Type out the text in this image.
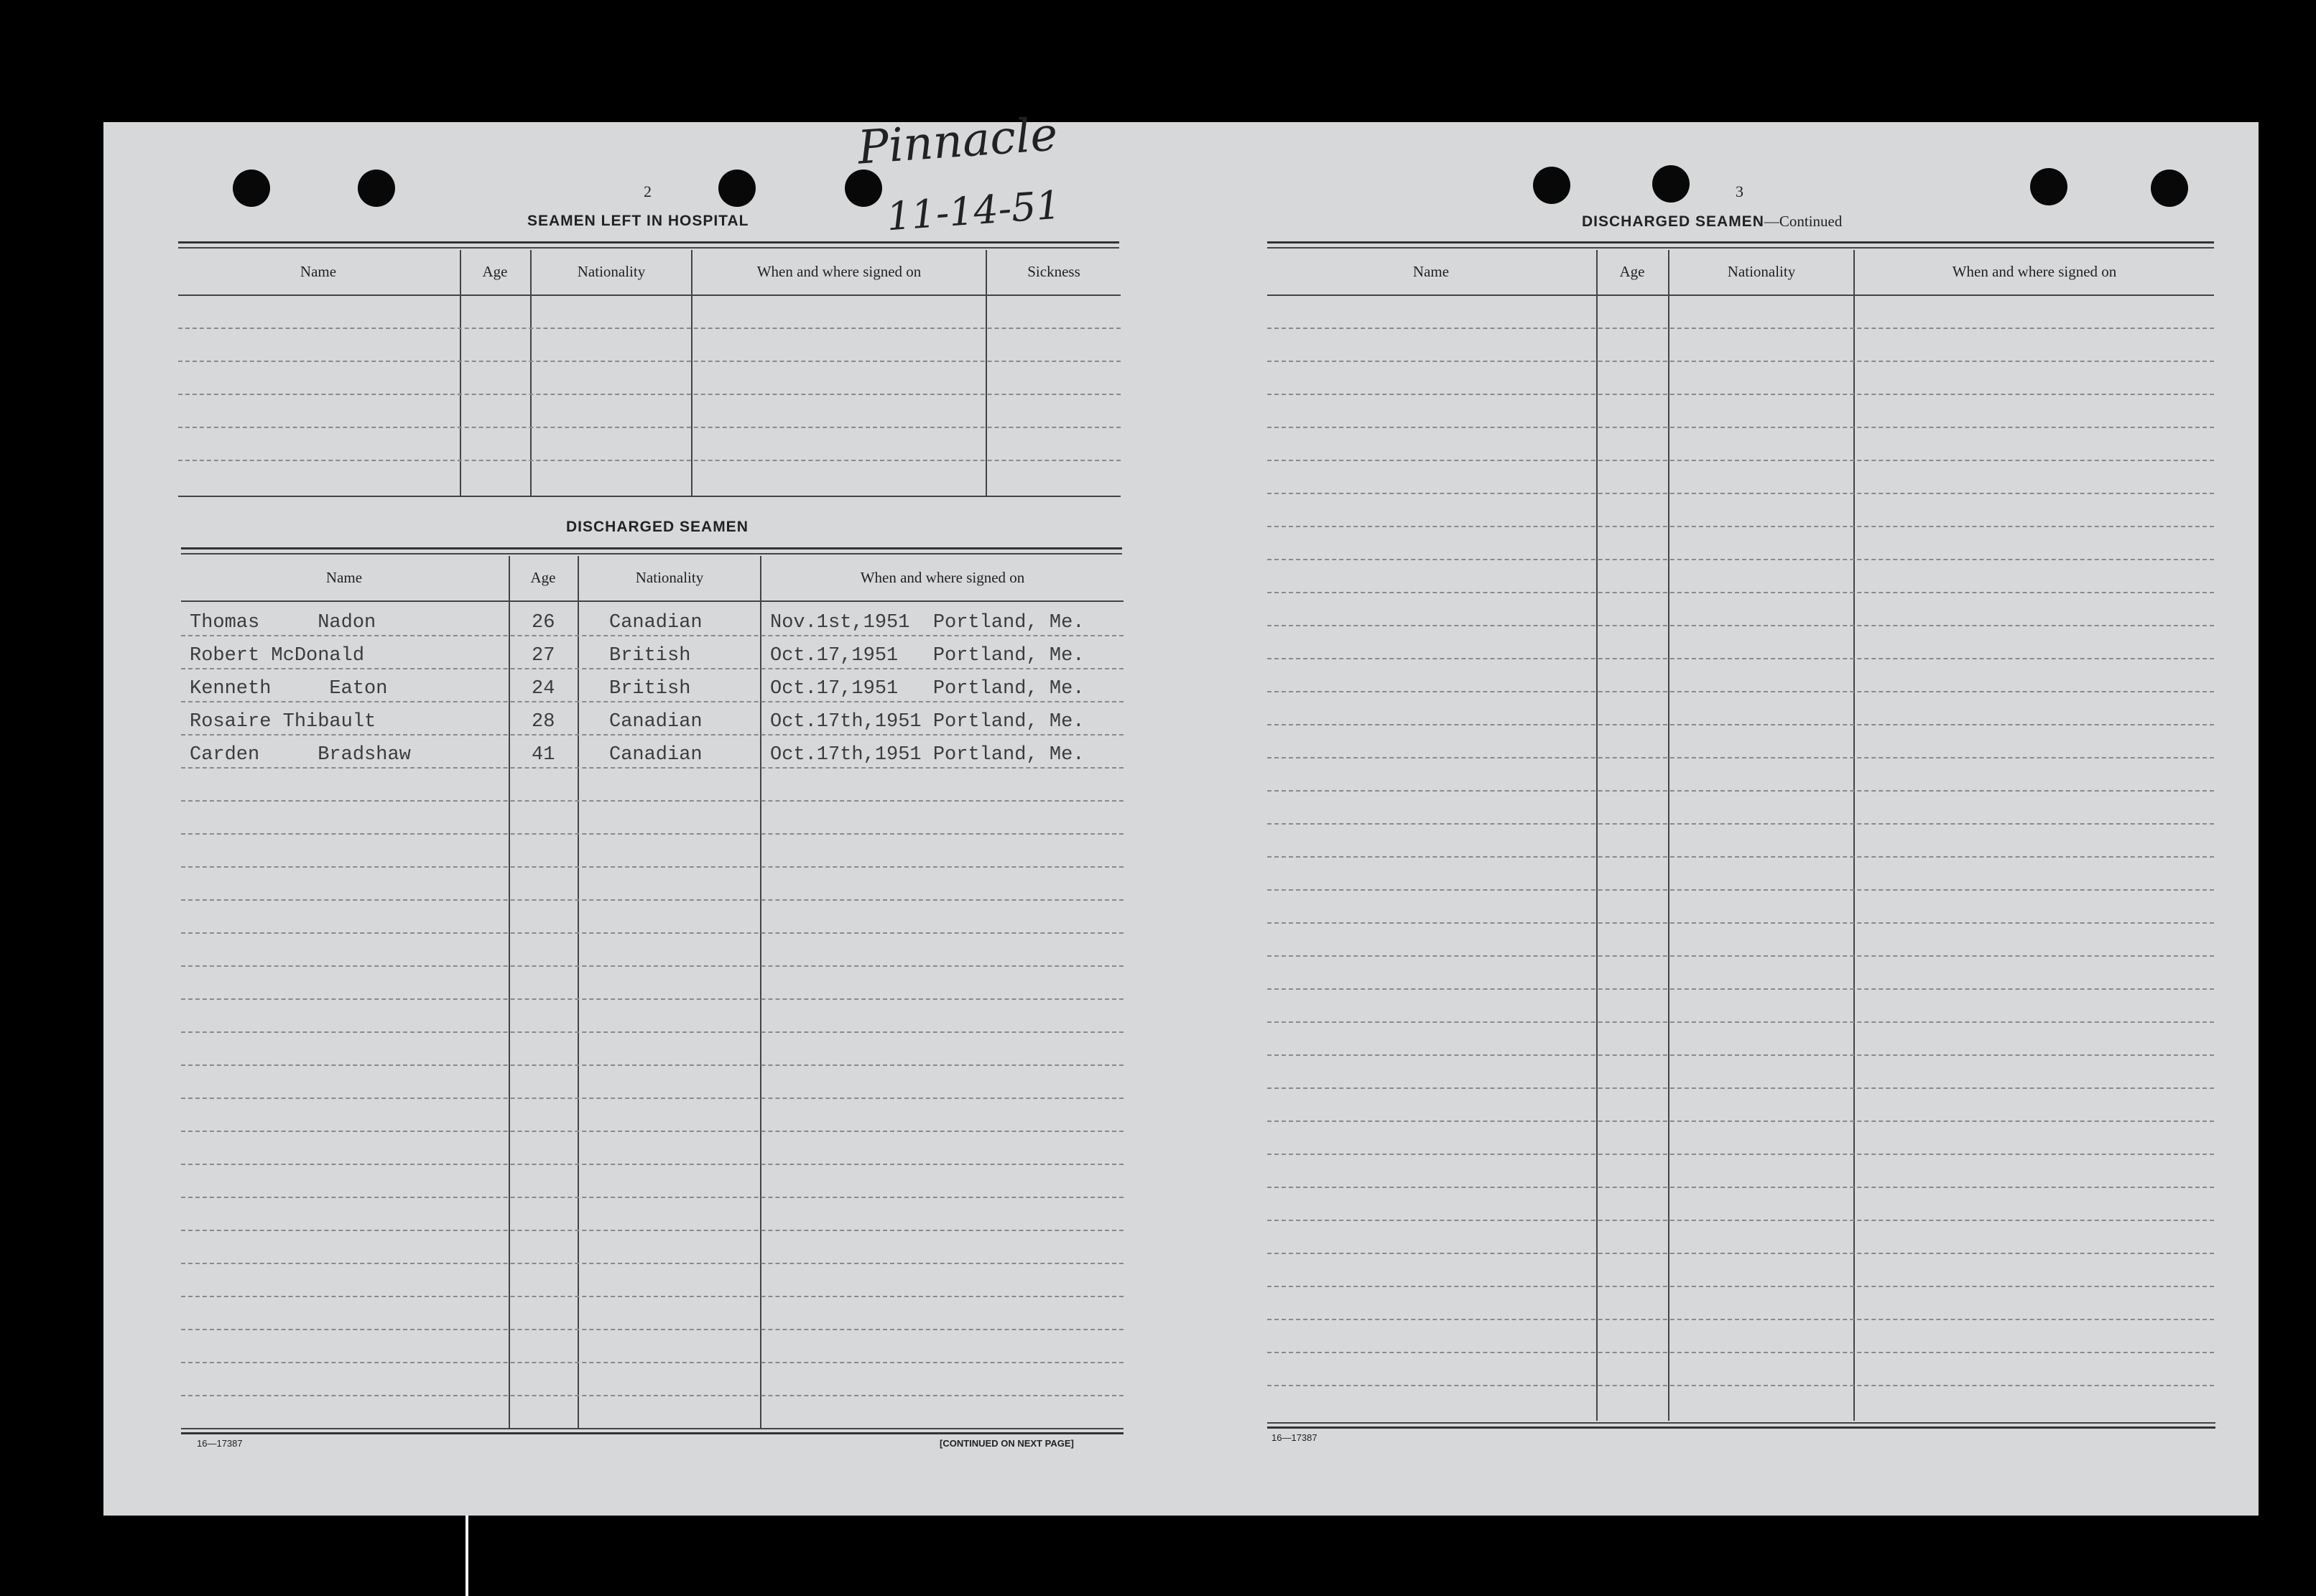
Pinnacle
11-14-51
2
SEAMEN LEFT IN HOSPITAL
Name	Age	Nationality	When and where signed on	Sickness
DISCHARGED SEAMEN
Name	Age	Nationality	When and where signed on
Thomas     Nadon	26	Canadian	Nov.1st,1951  Portland, Me.
Robert McDonald	27	British	Oct.17,1951   Portland, Me.
Kenneth     Eaton	24	British	Oct.17,1951   Portland, Me.
Rosaire Thibault	28	Canadian	Oct.17th,1951 Portland, Me.
Carden     Bradshaw	41	Canadian	Oct.17th,1951 Portland, Me.
16—17387	[CONTINUED ON NEXT PAGE]
3
DISCHARGED SEAMEN—Continued
Name	Age	Nationality	When and where signed on
16—17387
